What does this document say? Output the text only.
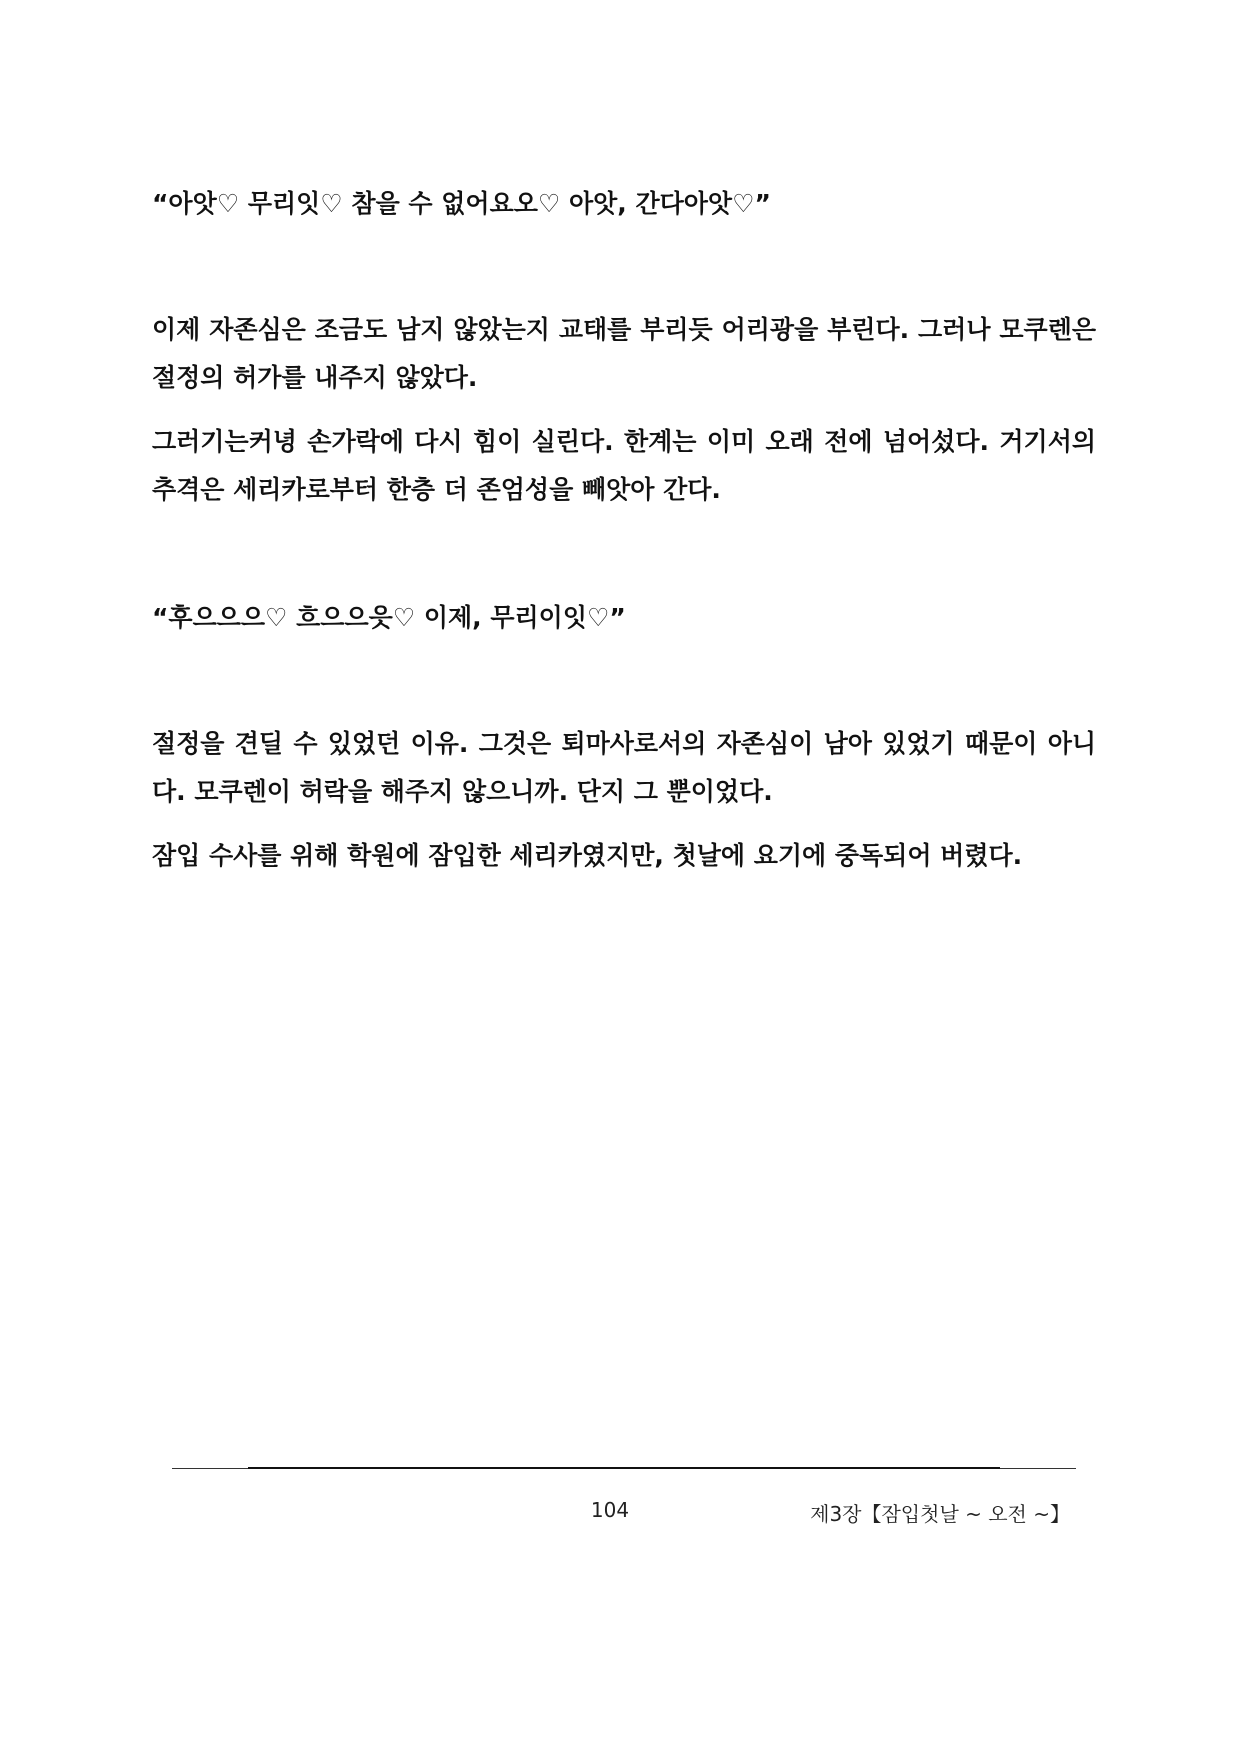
“아앗♡ 무리잇♡ 참을 수 없어요오♡ 아앗, 간다아앗♡”

이제 자존심은 조금도 남지 않았는지 교태를 부리듯 어리광을 부린다. 그러나 모쿠렌은 절정의 허가를 내주지 않았다.

그러기는커녕 손가락에 다시 힘이 실린다. 한계는 이미 오래 전에 넘어섰다. 거기서의 추격은 세리카로부터 한층 더 존엄성을 빼앗아 간다.

“후으으으♡ 흐으으읏♡ 이제, 무리이잇♡”

절정을 견딜 수 있었던 이유. 그것은 퇴마사로서의 자존심이 남아 있었기 때문이 아니다. 모쿠렌이 허락을 해주지 않으니까. 단지 그 뿐이었다.

잠입 수사를 위해 학원에 잠입한 세리카였지만, 첫날에 요기에 중독되어 버렸다.

104	제3장【잠입첫날 ~ 오전 ~】
